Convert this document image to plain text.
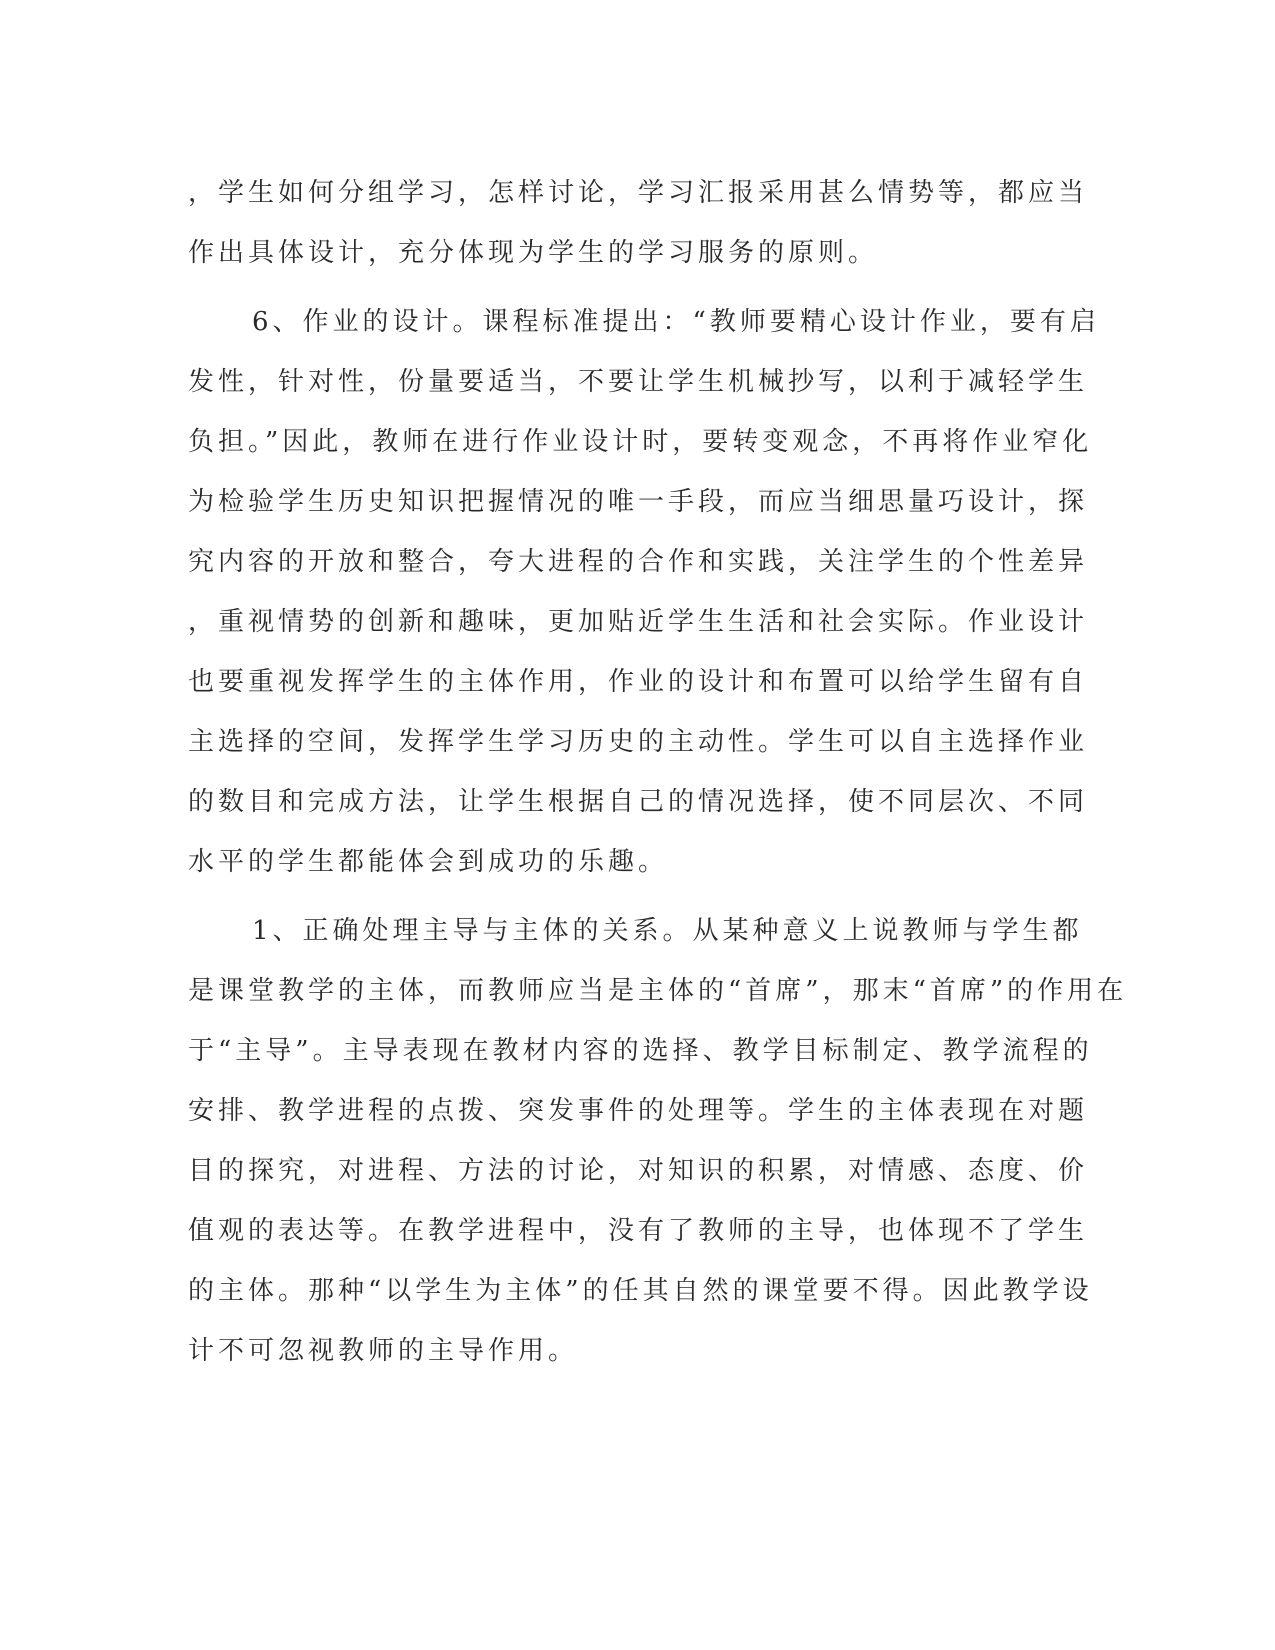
，学生如何分组学习，怎样讨论，学习汇报采用甚么情势等，都应当
作出具体设计，充分体现为学生的学习服务的原则。
6、作业的设计。课程标准提出：“教师要精心设计作业，要有启
发性，针对性，份量要适当，不要让学生机械抄写，以利于减轻学生
负担。”因此，教师在进行作业设计时，要转变观念，不再将作业窄化
为检验学生历史知识把握情况的唯一手段，而应当细思量巧设计，探
究内容的开放和整合，夸大进程的合作和实践，关注学生的个性差异
，重视情势的创新和趣味，更加贴近学生生活和社会实际。作业设计
也要重视发挥学生的主体作用，作业的设计和布置可以给学生留有自
主选择的空间，发挥学生学习历史的主动性。学生可以自主选择作业
的数目和完成方法，让学生根据自己的情况选择，使不同层次、不同
水平的学生都能体会到成功的乐趣。
1、正确处理主导与主体的关系。从某种意义上说教师与学生都
是课堂教学的主体，而教师应当是主体的“首席”，那末“首席”的作用在
于“主导”。主导表现在教材内容的选择、教学目标制定、教学流程的
安排、教学进程的点拨、突发事件的处理等。学生的主体表现在对题
目的探究，对进程、方法的讨论，对知识的积累，对情感、态度、价
值观的表达等。在教学进程中，没有了教师的主导，也体现不了学生
的主体。那种“以学生为主体”的任其自然的课堂要不得。因此教学设
计不可忽视教师的主导作用。
